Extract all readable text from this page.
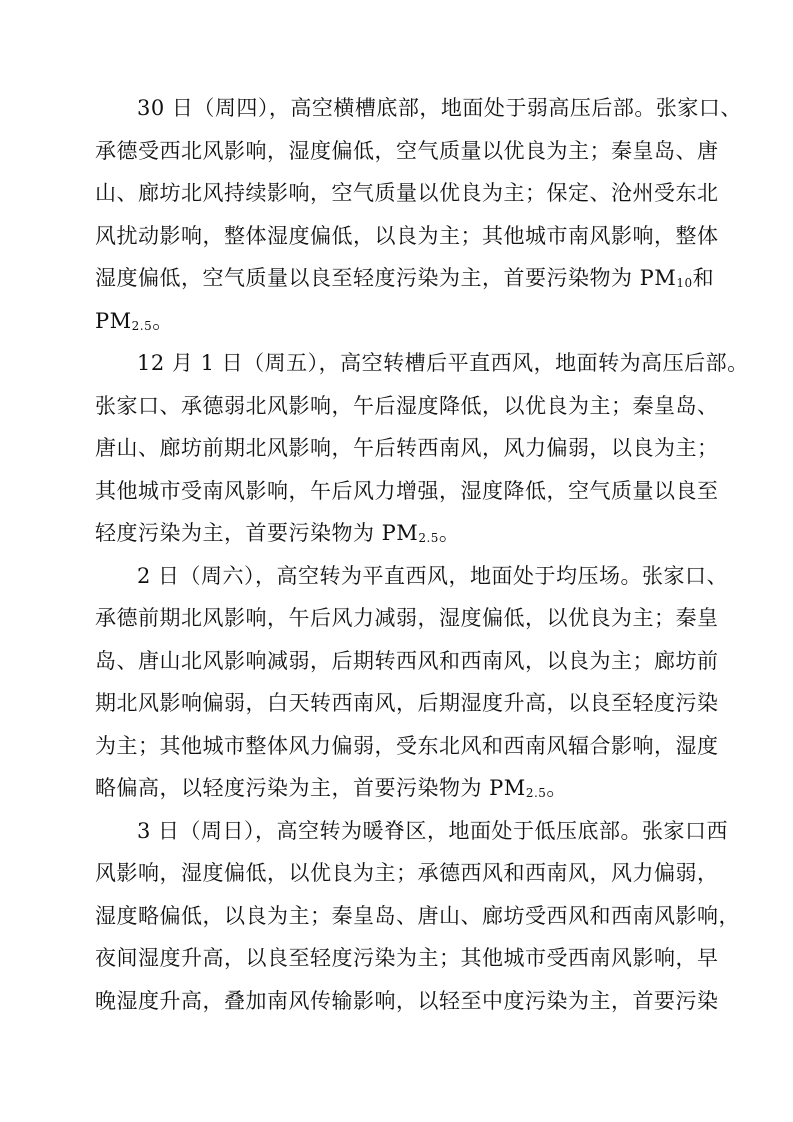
30 日（周四），高空横槽底部，地面处于弱高压后部。张家口、
承德受西北风影响，湿度偏低，空气质量以优良为主；秦皇岛、唐
山、廊坊北风持续影响，空气质量以优良为主；保定、沧州受东北
风扰动影响，整体湿度偏低，以良为主；其他城市南风影响，整体
湿度偏低，空气质量以良至轻度污染为主，首要污染物为 $PM_{10}$和
$PM_{2.5}$。

12 月 1 日（周五），高空转槽后平直西风，地面转为高压后部。
张家口、承德弱北风影响，午后湿度降低，以优良为主；秦皇岛、
唐山、廊坊前期北风影响，午后转西南风，风力偏弱，以良为主；
其他城市受南风影响，午后风力增强，湿度降低，空气质量以良至
轻度污染为主，首要污染物为 $PM_{2.5}$。

2 日（周六），高空转为平直西风，地面处于均压场。张家口、
承德前期北风影响，午后风力减弱，湿度偏低，以优良为主；秦皇
岛、唐山北风影响减弱，后期转西风和西南风，以良为主；廊坊前
期北风影响偏弱，白天转西南风，后期湿度升高，以良至轻度污染
为主；其他城市整体风力偏弱，受东北风和西南风辐合影响，湿度
略偏高，以轻度污染为主，首要污染物为 $PM_{2.5}$。

3 日（周日），高空转为暖脊区，地面处于低压底部。张家口西
风影响，湿度偏低，以优良为主；承德西风和西南风，风力偏弱，
湿度略偏低，以良为主；秦皇岛、唐山、廊坊受西风和西南风影响，
夜间湿度升高，以良至轻度污染为主；其他城市受西南风影响，早
晚湿度升高，叠加南风传输影响，以轻至中度污染为主，首要污染
